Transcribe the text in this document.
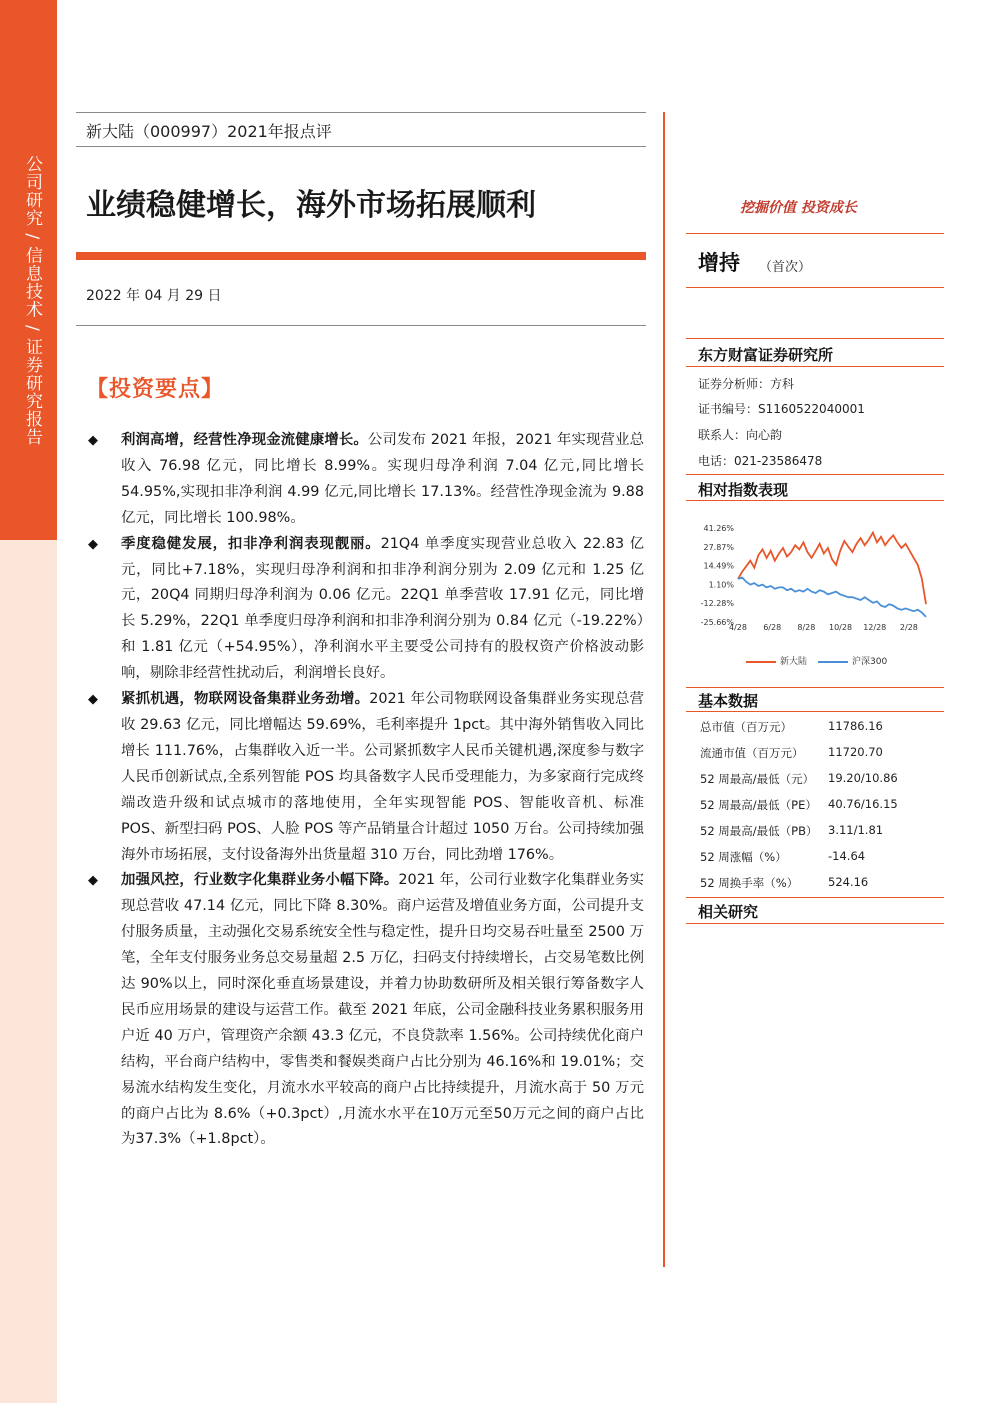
公司研究 / 信息技术 / 证券研究报告
新大陆（000997）2021年报点评
业绩稳健增长，海外市场拓展顺利
2022 年 04 月 29 日
【投资要点】
◆ 利润高增，经营性净现金流健康增长。公司发布 2021 年报，2021 年实现营业总收入 76.98 亿元，同比增长 8.99%。实现归母净利润 7.04 亿元,同比增长 54.95%,实现扣非净利润 4.99 亿元,同比增长 17.13%。经营性净现金流为 9.88 亿元，同比增长 100.98%。
◆ 季度稳健发展，扣非净利润表现靓丽。21Q4 单季度实现营业总收入 22.83 亿元，同比+7.18%，实现归母净利润和扣非净利润分别为 2.09 亿元和 1.25 亿元，20Q4 同期归母净利润为 0.06 亿元。22Q1 单季营收 17.91 亿元，同比增长 5.29%，22Q1 单季度归母净利润和扣非净利润分别为 0.84 亿元（-19.22%）和 1.81 亿元（+54.95%），净利润水平主要受公司持有的股权资产价格波动影响，剔除非经营性扰动后，利润增长良好。
◆ 紧抓机遇，物联网设备集群业务劲增。2021 年公司物联网设备集群业务实现总营收 29.63 亿元，同比增幅达 59.69%，毛利率提升 1pct。其中海外销售收入同比增长 111.76%，占集群收入近一半。公司紧抓数字人民币关键机遇,深度参与数字人民币创新试点,全系列智能 POS 均具备数字人民币受理能力，为多家商行完成终端改造升级和试点城市的落地使用，全年实现智能 POS、智能收音机、标准 POS、新型扫码 POS、人脸 POS 等产品销量合计超过 1050 万台。公司持续加强海外市场拓展，支付设备海外出货量超 310 万台，同比劲增 176%。
◆ 加强风控，行业数字化集群业务小幅下降。2021 年，公司行业数字化集群业务实现总营收 47.14 亿元，同比下降 8.30%。商户运营及增值业务方面，公司提升支付服务质量，主动强化交易系统安全性与稳定性，提升日均交易吞吐量至 2500 万笔，全年支付服务业务总交易量超 2.5 万亿，扫码支付持续增长，占交易笔数比例达 90%以上，同时深化垂直场景建设，并着力协助数研所及相关银行筹备数字人民币应用场景的建设与运营工作。截至 2021 年底，公司金融科技业务累积服务用户近 40 万户，管理资产余额 43.3 亿元，不良贷款率 1.56%。公司持续优化商户结构，平台商户结构中，零售类和餐娱类商户占比分别为 46.16%和 19.01%；交易流水结构发生变化，月流水水平较高的商户占比持续提升，月流水高于 50 万元的商户占比为 8.6%（+0.3pct）,月流水水平在10万元至50万元之间的商户占比为37.3%（+1.8pct）。
挖掘价值 投资成长
增持 （首次）
东方财富证券研究所
证券分析师：方科
证书编号：S1160522040001
联系人：向心韵
电话：021-23586478
相对指数表现
41.26%
27.87%
14.49%
1.10%
-12.28%
-25.66%
4/28 6/28 8/28 10/28 12/28 2/28
新大陆	沪深300
基本数据
总市值（百万元）	11786.16
流通市值（百万元） 11720.70
52 周最高/最低（元） 19.20/10.86
52 周最高/最低（PE） 40.76/16.15
52 周最高/最低（PB） 3.11/1.81
52 周涨幅（%）	-14.64
52 周换手率（%）	524.16
相关研究
